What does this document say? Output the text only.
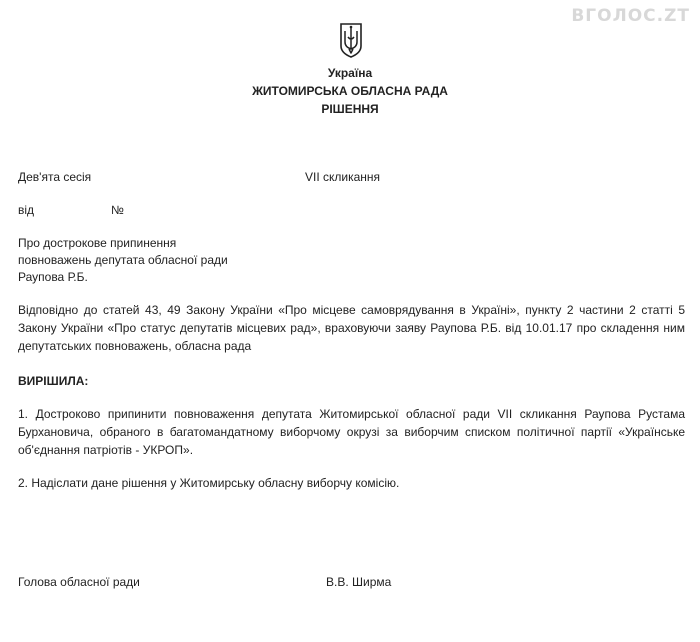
ВГОЛОС.ZT
Україна
ЖИТОМИРСЬКА ОБЛАСНА РАДА
РІШЕННЯ
Дев'ята сесія	VII скликання
від	№
Про дострокове припинення
повноважень депутата обласної ради
Раупова Р.Б.
Відповідно до статей 43, 49 Закону України «Про місцеве самоврядування в Україні», пункту 2 частини 2 статті 5 Закону України «Про статус депутатів місцевих рад», враховуючи заяву Раупова Р.Б. від 10.01.17 про складення ним депутатських повноважень, обласна рада
ВИРІШИЛА:
1. Достроково припинити повноваження депутата Житомирської обласної ради VII скликання Раупова Рустама Бурхановича, обраного в багатомандатному виборчому окрузі за виборчим списком політичної партії «Українське об'єднання патріотів - УКРОП».
2. Надіслати дане рішення у Житомирську обласну виборчу комісію.
Голова обласної ради	В.В. Ширма
